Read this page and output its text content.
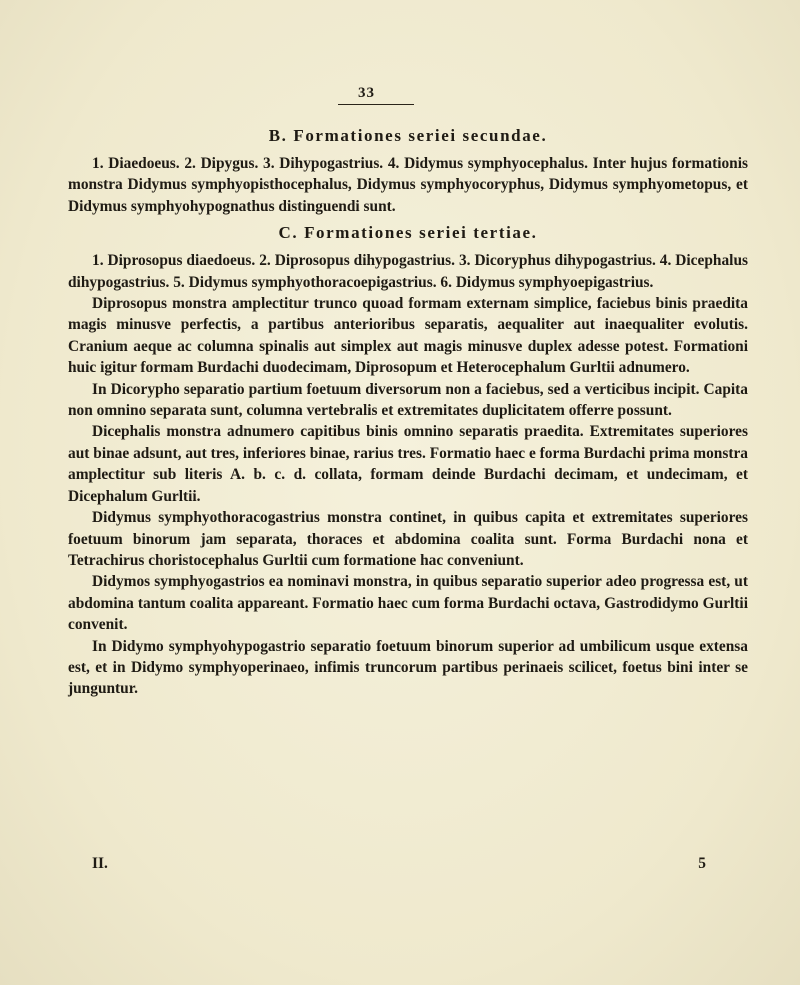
33
B. Formationes seriei secundae.

1. Diaedoeus. 2. Dipygus. 3. Dihypogastrius. 4. Didymus symphyocephalus. Inter hujus formationis monstra Didymus symphyopisthocephalus, Didymus symphyocoryphus, Didymus symphyometopus, et Didymus symphyohypognathus distinguendi sunt.

C. Formationes seriei tertiae.

1. Diprosopus diaedoeus. 2. Diprosopus dihypogastrius. 3. Dicoryphus dihypogastrius. 4. Dicephalus dihypogastrius. 5. Didymus symphyothoracoepigastrius. 6. Didymus symphyoepigastrius.

Diprosopus monstra amplectitur trunco quoad formam externam simplice, faciebus binis praedita magis minusve perfectis, a partibus anterioribus separatis, aequaliter aut inaequaliter evolutis. Cranium aeque ac columna spinalis aut simplex aut magis minusve duplex adesse potest. Formationi huic igitur formam Burdachi duodecimam, Diprosopum et Heterocephalum Gurltii adnumero.

In Dicorypho separatio partium foetuum diversorum non a faciebus, sed a verticibus incipit. Capita non omnino separata sunt, columna vertebralis et extremitates duplicitatem offerre possunt.

Dicephalis monstra adnumero capitibus binis omnino separatis praedita. Extremitates superiores aut binae adsunt, aut tres, inferiores binae, rarius tres. Formatio haec e forma Burdachi prima monstra amplectitur sub literis A. b. c. d. collata, formam deinde Burdachi decimam, et undecimam, et Dicephalum Gurltii.

Didymus symphyothoracogastrius monstra continet, in quibus capita et extremitates superiores foetuum binorum jam separata, thoraces et abdomina coalita sunt. Forma Burdachi nona et Tetrachirus choristocephalus Gurltii cum formatione hac conveniunt.

Didymos symphyogastrios ea nominavi monstra, in quibus separatio superior adeo progressa est, ut abdomina tantum coalita appareant. Formatio haec cum forma Burdachi octava, Gastrodidymo Gurltii convenit.

In Didymo symphyohypogastrio separatio foetuum binorum superior ad umbilicum usque extensa est, et in Didymo symphyoperinaeo, infimis truncorum partibus perinaeis scilicet, foetus bini inter se junguntur.

II.	5
